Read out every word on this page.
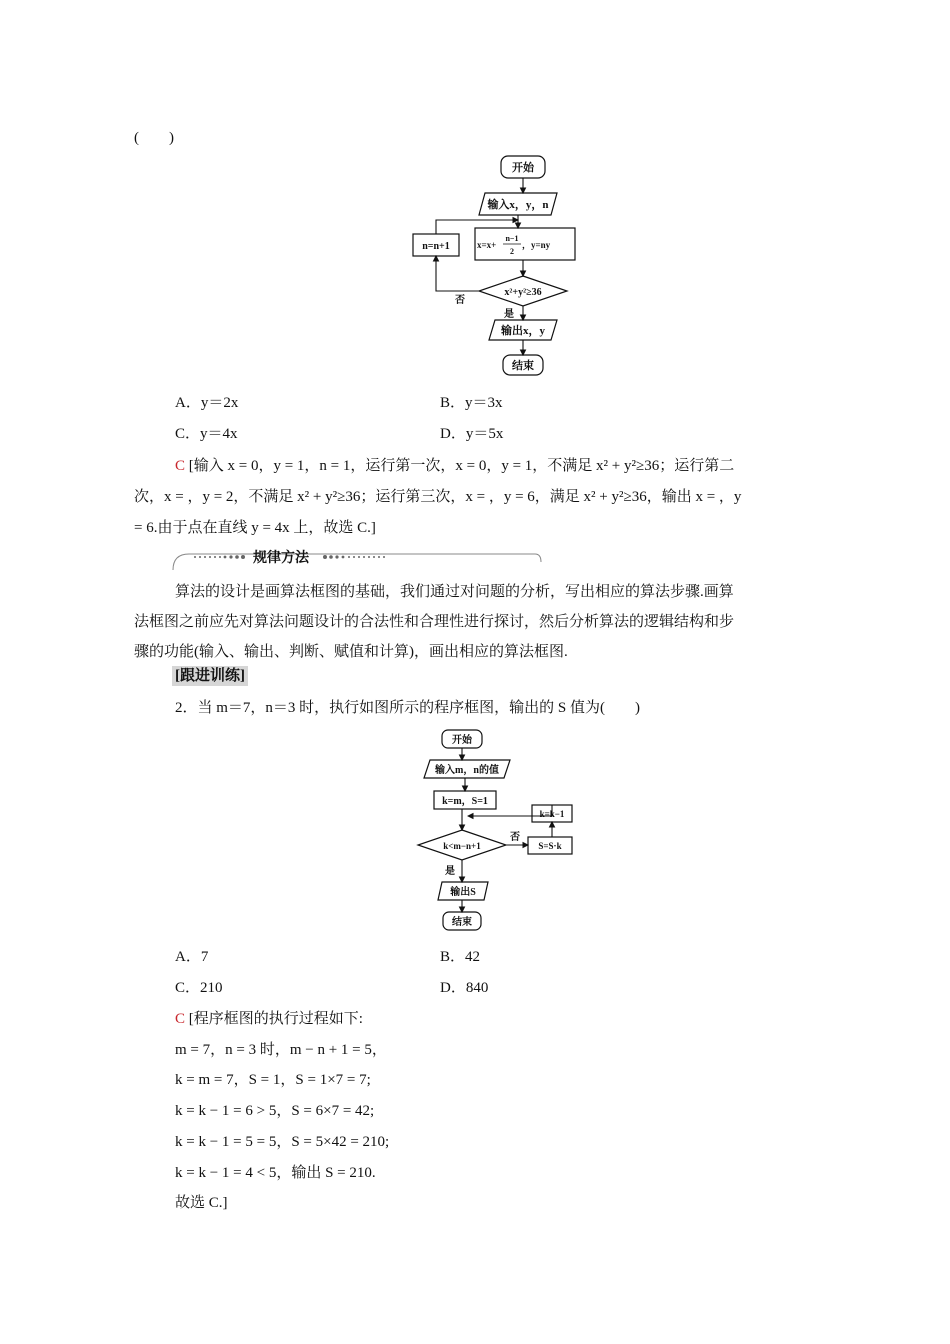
(　　)
开始
输入x，y，n
n=n+1	x=x+
n−1
2
，y=ny
x²+y²≥36
否
是
输出x，y
结束
A．y＝2x	B．y＝3x
C．y＝4x	D．y＝5x
C [输入 x = 0，y = 1，n = 1，运行第一次，x = 0，y = 1，不满足 x² + y²≥36；运行第二
次，x = ，y = 2，不满足 x² + y²≥36；运行第三次，x = ，y = 6，满足 x² + y²≥36，输出 x = ，y
= 6.由于点在直线 y = 4x 上，故选 C.]
规律方法
算法的设计是画算法框图的基础，我们通过对问题的分析，写出相应的算法步骤.画算
法框图之前应先对算法问题设计的合法性和合理性进行探讨，然后分析算法的逻辑结构和步
骤的功能(输入、输出、判断、赋值和计算)，画出相应的算法框图.
[跟进训练]
2．当 m＝7，n＝3 时，执行如图所示的程序框图，输出的 S 值为(　　)
开始
输入m，n的值
k=m，S=1
k=k−1
k<m−n+1
否
S=S·k
是
输出S
结束
A．7	B．42
C．210	D．840
C [程序框图的执行过程如下:
m = 7，n = 3 时，m − n + 1 = 5，
k = m = 7，S = 1，S = 1×7 = 7;
k = k − 1 = 6 > 5，S = 6×7 = 42;
k = k − 1 = 5 = 5，S = 5×42 = 210;
k = k − 1 = 4 < 5，输出 S = 210.
故选 C.]
